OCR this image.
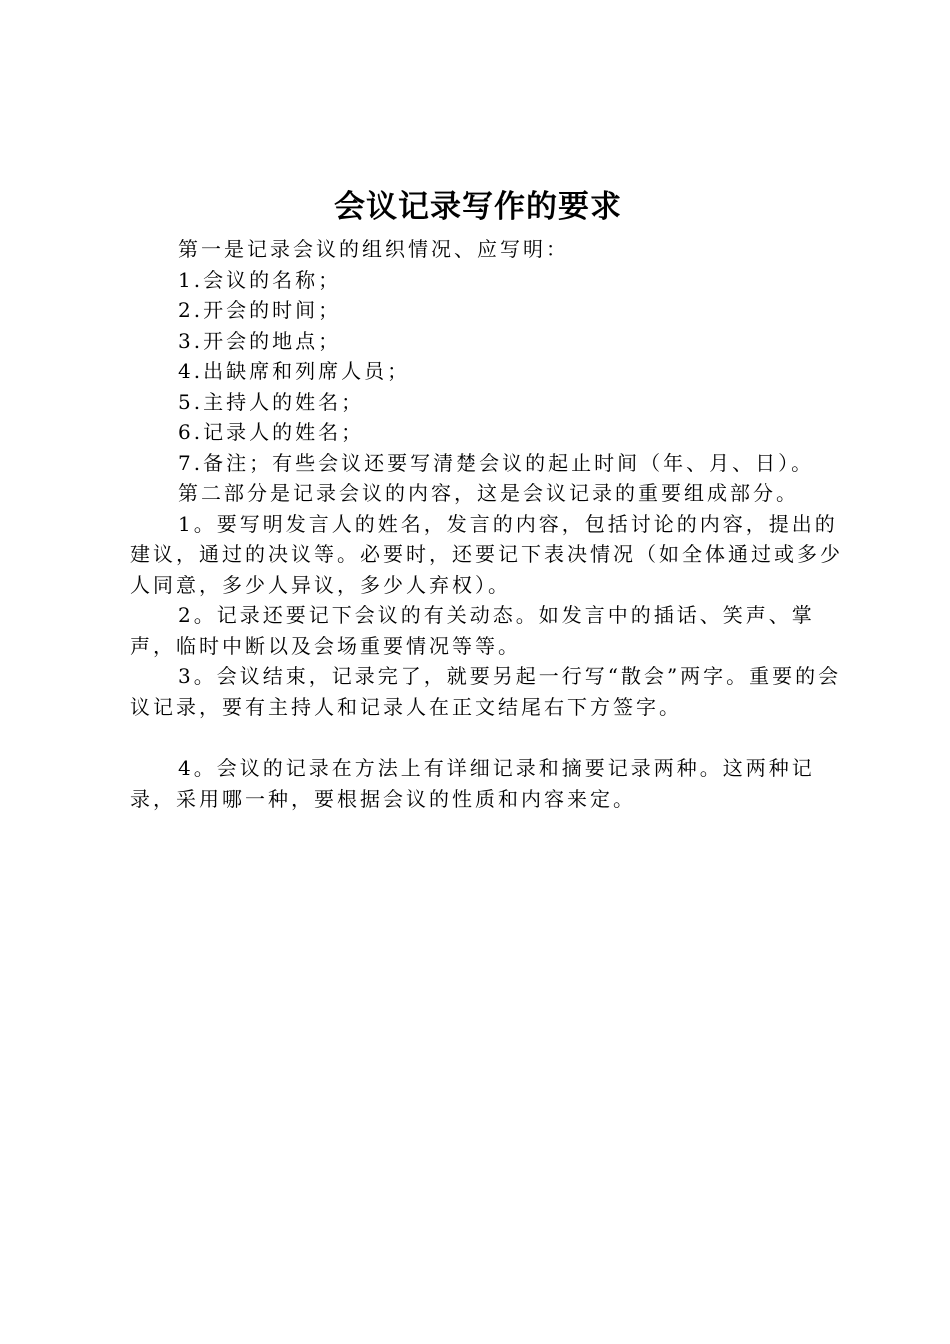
会议记录写作的要求

第一是记录会议的组织情况、应写明：

1.会议的名称；

2.开会的时间；

3.开会的地点；

4.出缺席和列席人员；

5.主持人的姓名；

6.记录人的姓名；

7.备注；有些会议还要写清楚会议的起止时间（年、月、日）。

第二部分是记录会议的内容，这是会议记录的重要组成部分。

1。要写明发言人的姓名，发言的内容，包括讨论的内容，提出的建议，通过的决议等。必要时，还要记下表决情况（如全体通过或多少人同意，多少人异议，多少人弃权）。

2。记录还要记下会议的有关动态。如发言中的插话、笑声、掌声，临时中断以及会场重要情况等等。

3。会议结束，记录完了，就要另起一行写“散会”两字。重要的会议记录，要有主持人和记录人在正文结尾右下方签字。

4。会议的记录在方法上有详细记录和摘要记录两种。这两种记录，采用哪一种，要根据会议的性质和内容来定。
